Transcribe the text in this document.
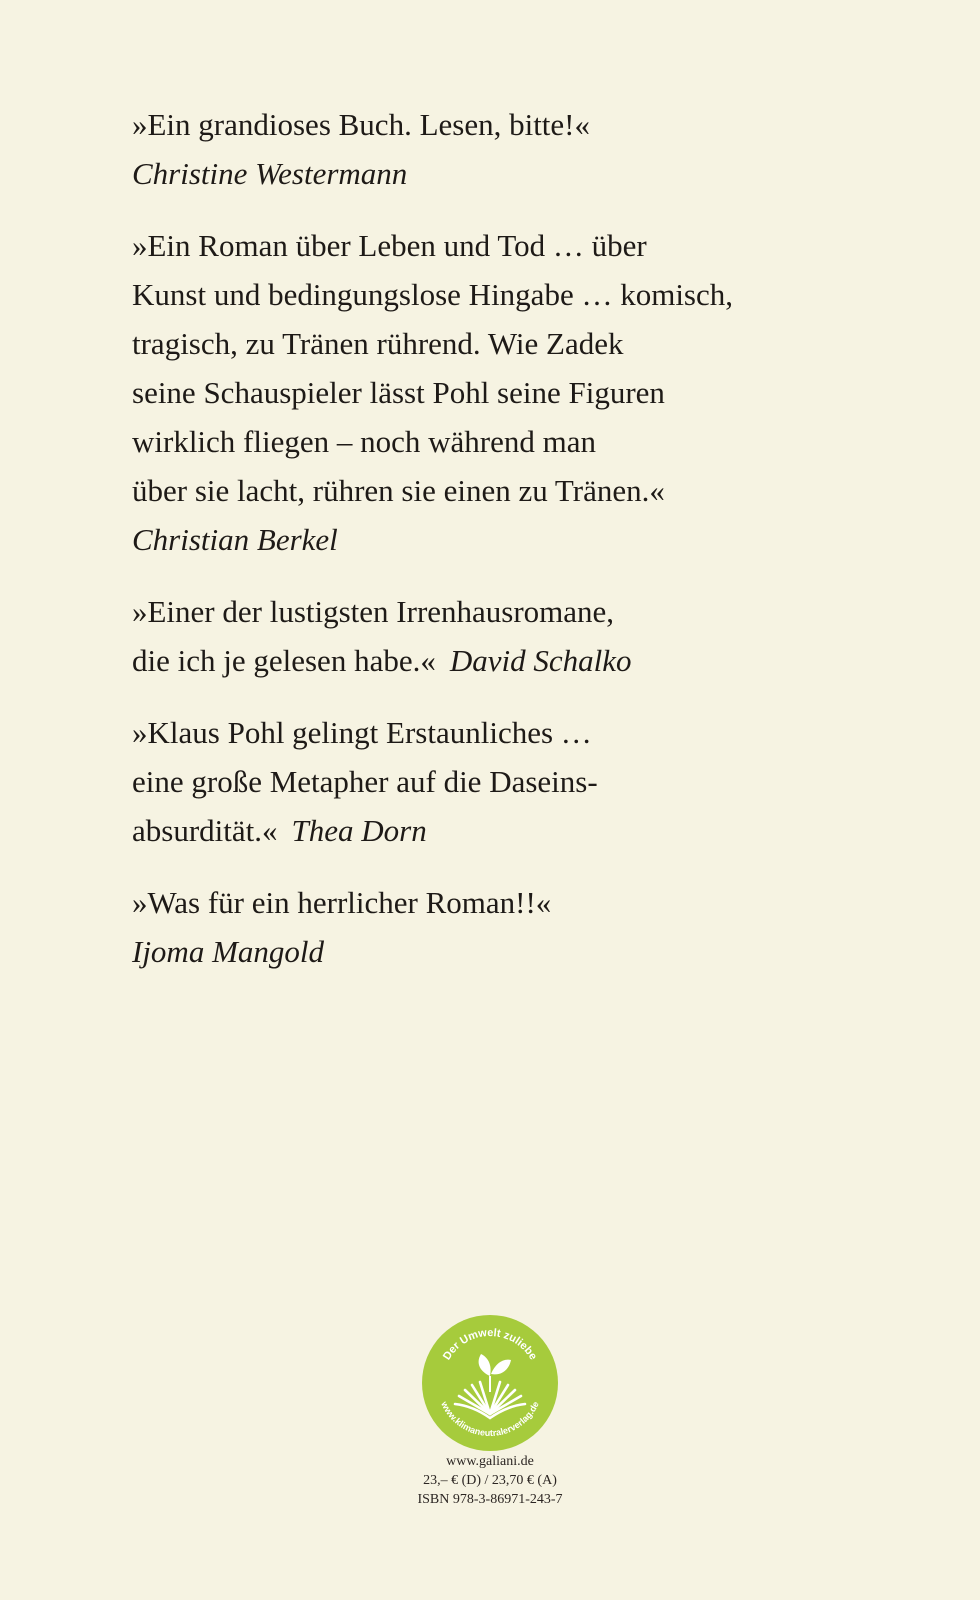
»Ein grandioses Buch. Lesen, bitte!«
Christine Westermann
»Ein Roman über Leben und Tod … über
Kunst und bedingungslose Hingabe … komisch,
tragisch, zu Tränen rührend. Wie Zadek
seine Schauspieler lässt Pohl seine Figuren
wirklich fliegen – noch während man
über sie lacht, rühren sie einen zu Tränen.«
Christian Berkel
»Einer der lustigsten Irrenhausromane,
die ich je gelesen habe.« David Schalko
»Klaus Pohl gelingt Erstaunliches …
eine große Metapher auf die Daseins-
absurdität.« Thea Dorn
»Was für ein herrlicher Roman!!«
Ijoma Mangold
Der Umwelt zuliebe
www.klimaneutralerverlag.de
www.galiani.de
23,– € (D) / 23,70 € (A)
ISBN 978-3-86971-243-7
